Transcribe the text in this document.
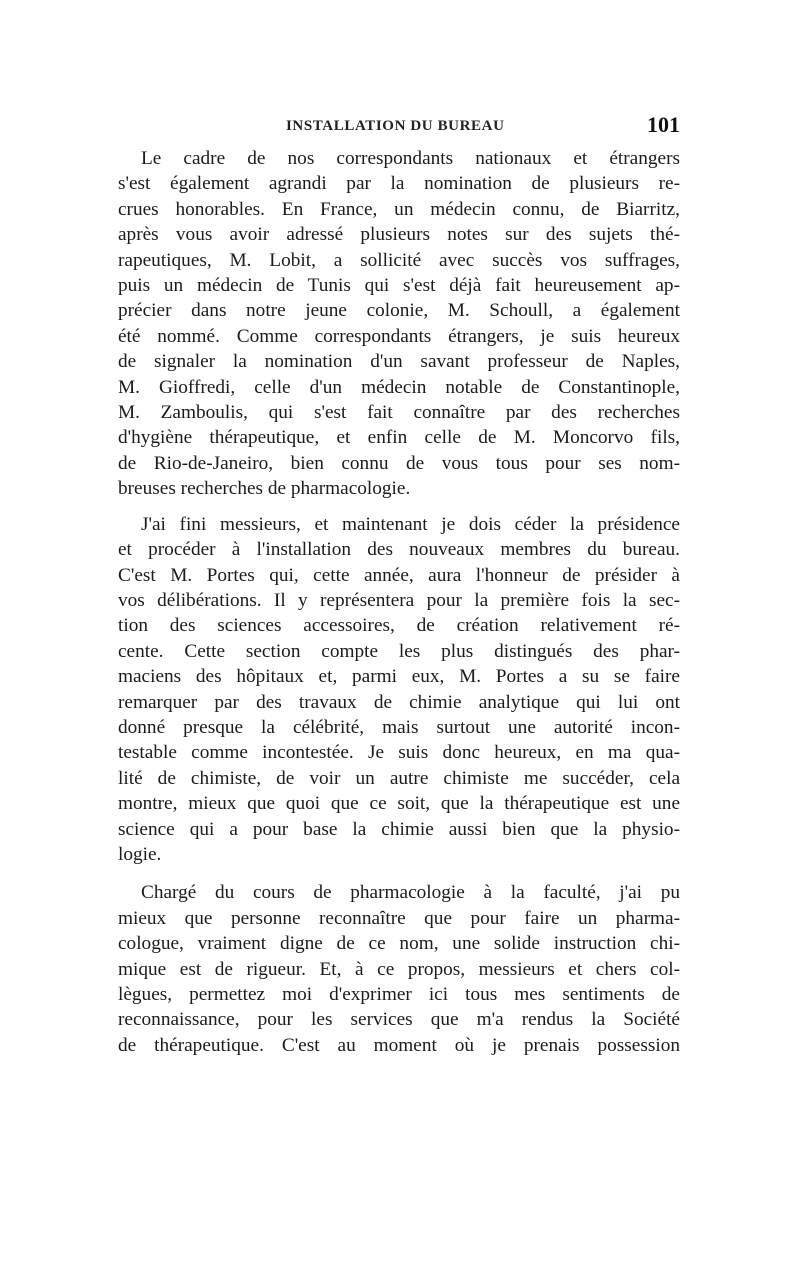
INSTALLATION DU BUREAU	101

Le cadre de nos correspondants nationaux et étrangers
s'est également agrandi par la nomination de plusieurs re-
crues honorables. En France, un médecin connu, de Biarritz,
après vous avoir adressé plusieurs notes sur des sujets thé-
rapeutiques, M. Lobit, a sollicité avec succès vos suffrages,
puis un médecin de Tunis qui s'est déjà fait heureusement ap-
précier dans notre jeune colonie, M. Schoull, a également
été nommé. Comme correspondants étrangers, je suis heureux
de signaler la nomination d'un savant professeur de Naples,
M. Gioffredi, celle d'un médecin notable de Constantinople,
M. Zamboulis, qui s'est fait connaître par des recherches
d'hygiène thérapeutique, et enfin celle de M. Moncorvo fils,
de Rio-de-Janeiro, bien connu de vous tous pour ses nom-
breuses recherches de pharmacologie.

J'ai fini messieurs, et maintenant je dois céder la présidence
et procéder à l'installation des nouveaux membres du bureau.
C'est M. Portes qui, cette année, aura l'honneur de présider à
vos délibérations. Il y représentera pour la première fois la sec-
tion des sciences accessoires, de création relativement ré-
cente. Cette section compte les plus distingués des phar-
maciens des hôpitaux et, parmi eux, M. Portes a su se faire
remarquer par des travaux de chimie analytique qui lui ont
donné presque la célébrité, mais surtout une autorité incon-
testable comme incontestée. Je suis donc heureux, en ma qua-
lité de chimiste, de voir un autre chimiste me succéder, cela
montre, mieux que quoi que ce soit, que la thérapeutique est une
science qui a pour base la chimie aussi bien que la physio-
logie.

Chargé du cours de pharmacologie à la faculté, j'ai pu
mieux que personne reconnaître que pour faire un pharma-
cologue, vraiment digne de ce nom, une solide instruction chi-
mique est de rigueur. Et, à ce propos, messieurs et chers col-
lègues, permettez moi d'exprimer ici tous mes sentiments de
reconnaissance, pour les services que m'a rendus la Société
de thérapeutique. C'est au moment où je prenais possession
